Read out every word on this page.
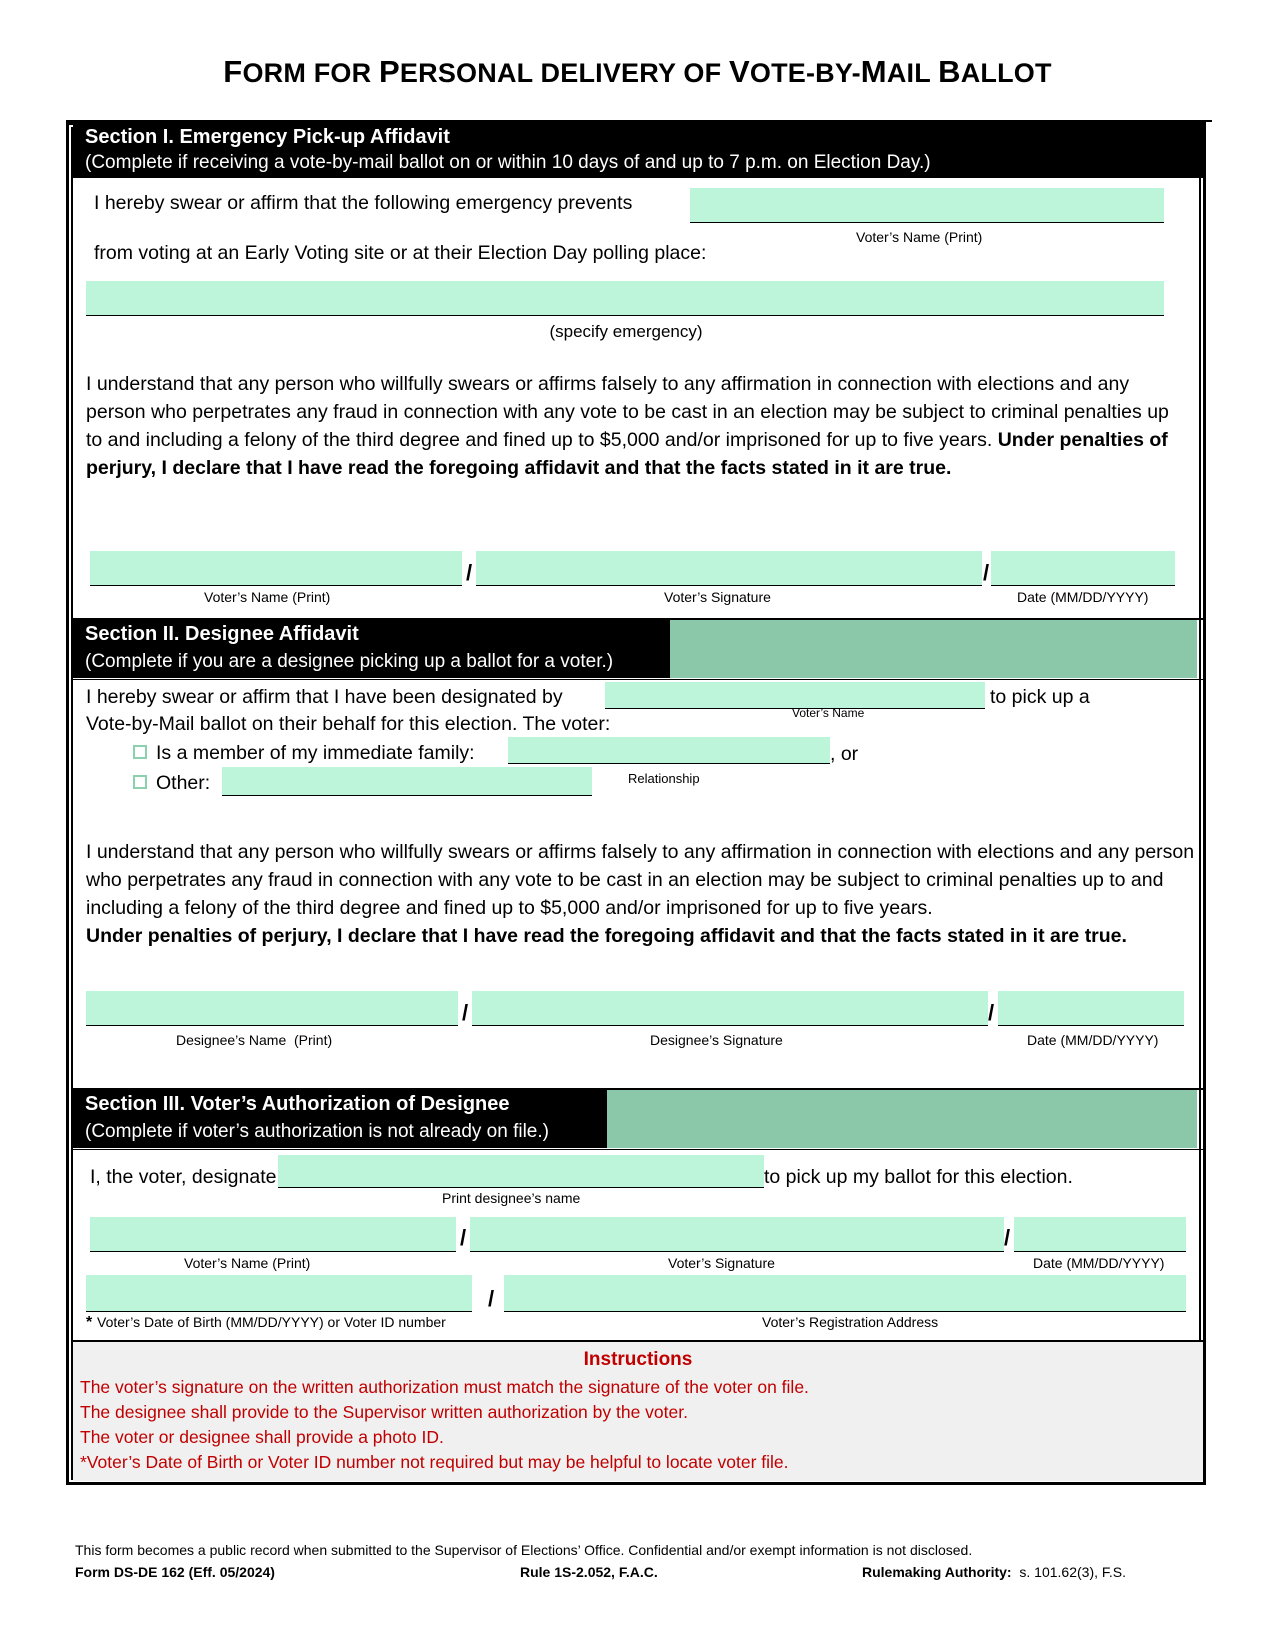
FORM FOR PERSONAL DELIVERY OF VOTE-BY-MAIL BALLOT
Section I. Emergency Pick-up Affidavit
(Complete if receiving a vote-by-mail ballot on or within 10 days of and up to 7 p.m. on Election Day.)
I hereby swear or affirm that the following emergency prevents
Voter’s Name (Print)
from voting at an Early Voting site or at their Election Day polling place:
(specify emergency)
I understand that any person who willfully swears or affirms falsely to any affirmation in connection with elections and any person who perpetrates any fraud in connection with any vote to be cast in an election may be subject to criminal penalties up to and including a felony of the third degree and fined up to $5,000 and/or imprisoned for up to five years. Under penalties of perjury, I declare that I have read the foregoing affidavit and that the facts stated in it are true.
/	/
Voter’s Name (Print)	Voter’s Signature	Date (MM/DD/YYYY)
Section II. Designee Affidavit
(Complete if you are a designee picking up a ballot for a voter.)
I hereby swear or affirm that I have been designated by	to pick up a
Voter’s Name
Vote-by-Mail ballot on their behalf for this election. The voter:
Is a member of my immediate family:	, or
Relationship
Other:
I understand that any person who willfully swears or affirms falsely to any affirmation in connection with elections and any person who perpetrates any fraud in connection with any vote to be cast in an election may be subject to criminal penalties up to and including a felony of the third degree and fined up to $5,000 and/or imprisoned for up to five years.
Under penalties of perjury, I declare that I have read the foregoing affidavit and that the facts stated in it are true.
/	/
Designee’s Name  (Print)	Designee’s Signature	Date (MM/DD/YYYY)
Section III. Voter’s Authorization of Designee
(Complete if voter’s authorization is not already on file.)
I, the voter, designate	to pick up my ballot for this election.
Print designee’s name
/	/
Voter’s Name (Print)	Voter’s Signature	Date (MM/DD/YYYY)
/
* Voter’s Date of Birth (MM/DD/YYYY) or Voter ID number	Voter’s Registration Address
Instructions
The voter’s signature on the written authorization must match the signature of the voter on file.
The designee shall provide to the Supervisor written authorization by the voter.
The voter or designee shall provide a photo ID.
*Voter’s Date of Birth or Voter ID number not required but may be helpful to locate voter file.
This form becomes a public record when submitted to the Supervisor of Elections’ Office. Confidential and/or exempt information is not disclosed.
Form DS-DE 162 (Eff. 05/2024)	Rule 1S-2.052, F.A.C.	Rulemaking Authority: s. 101.62(3), F.S.
